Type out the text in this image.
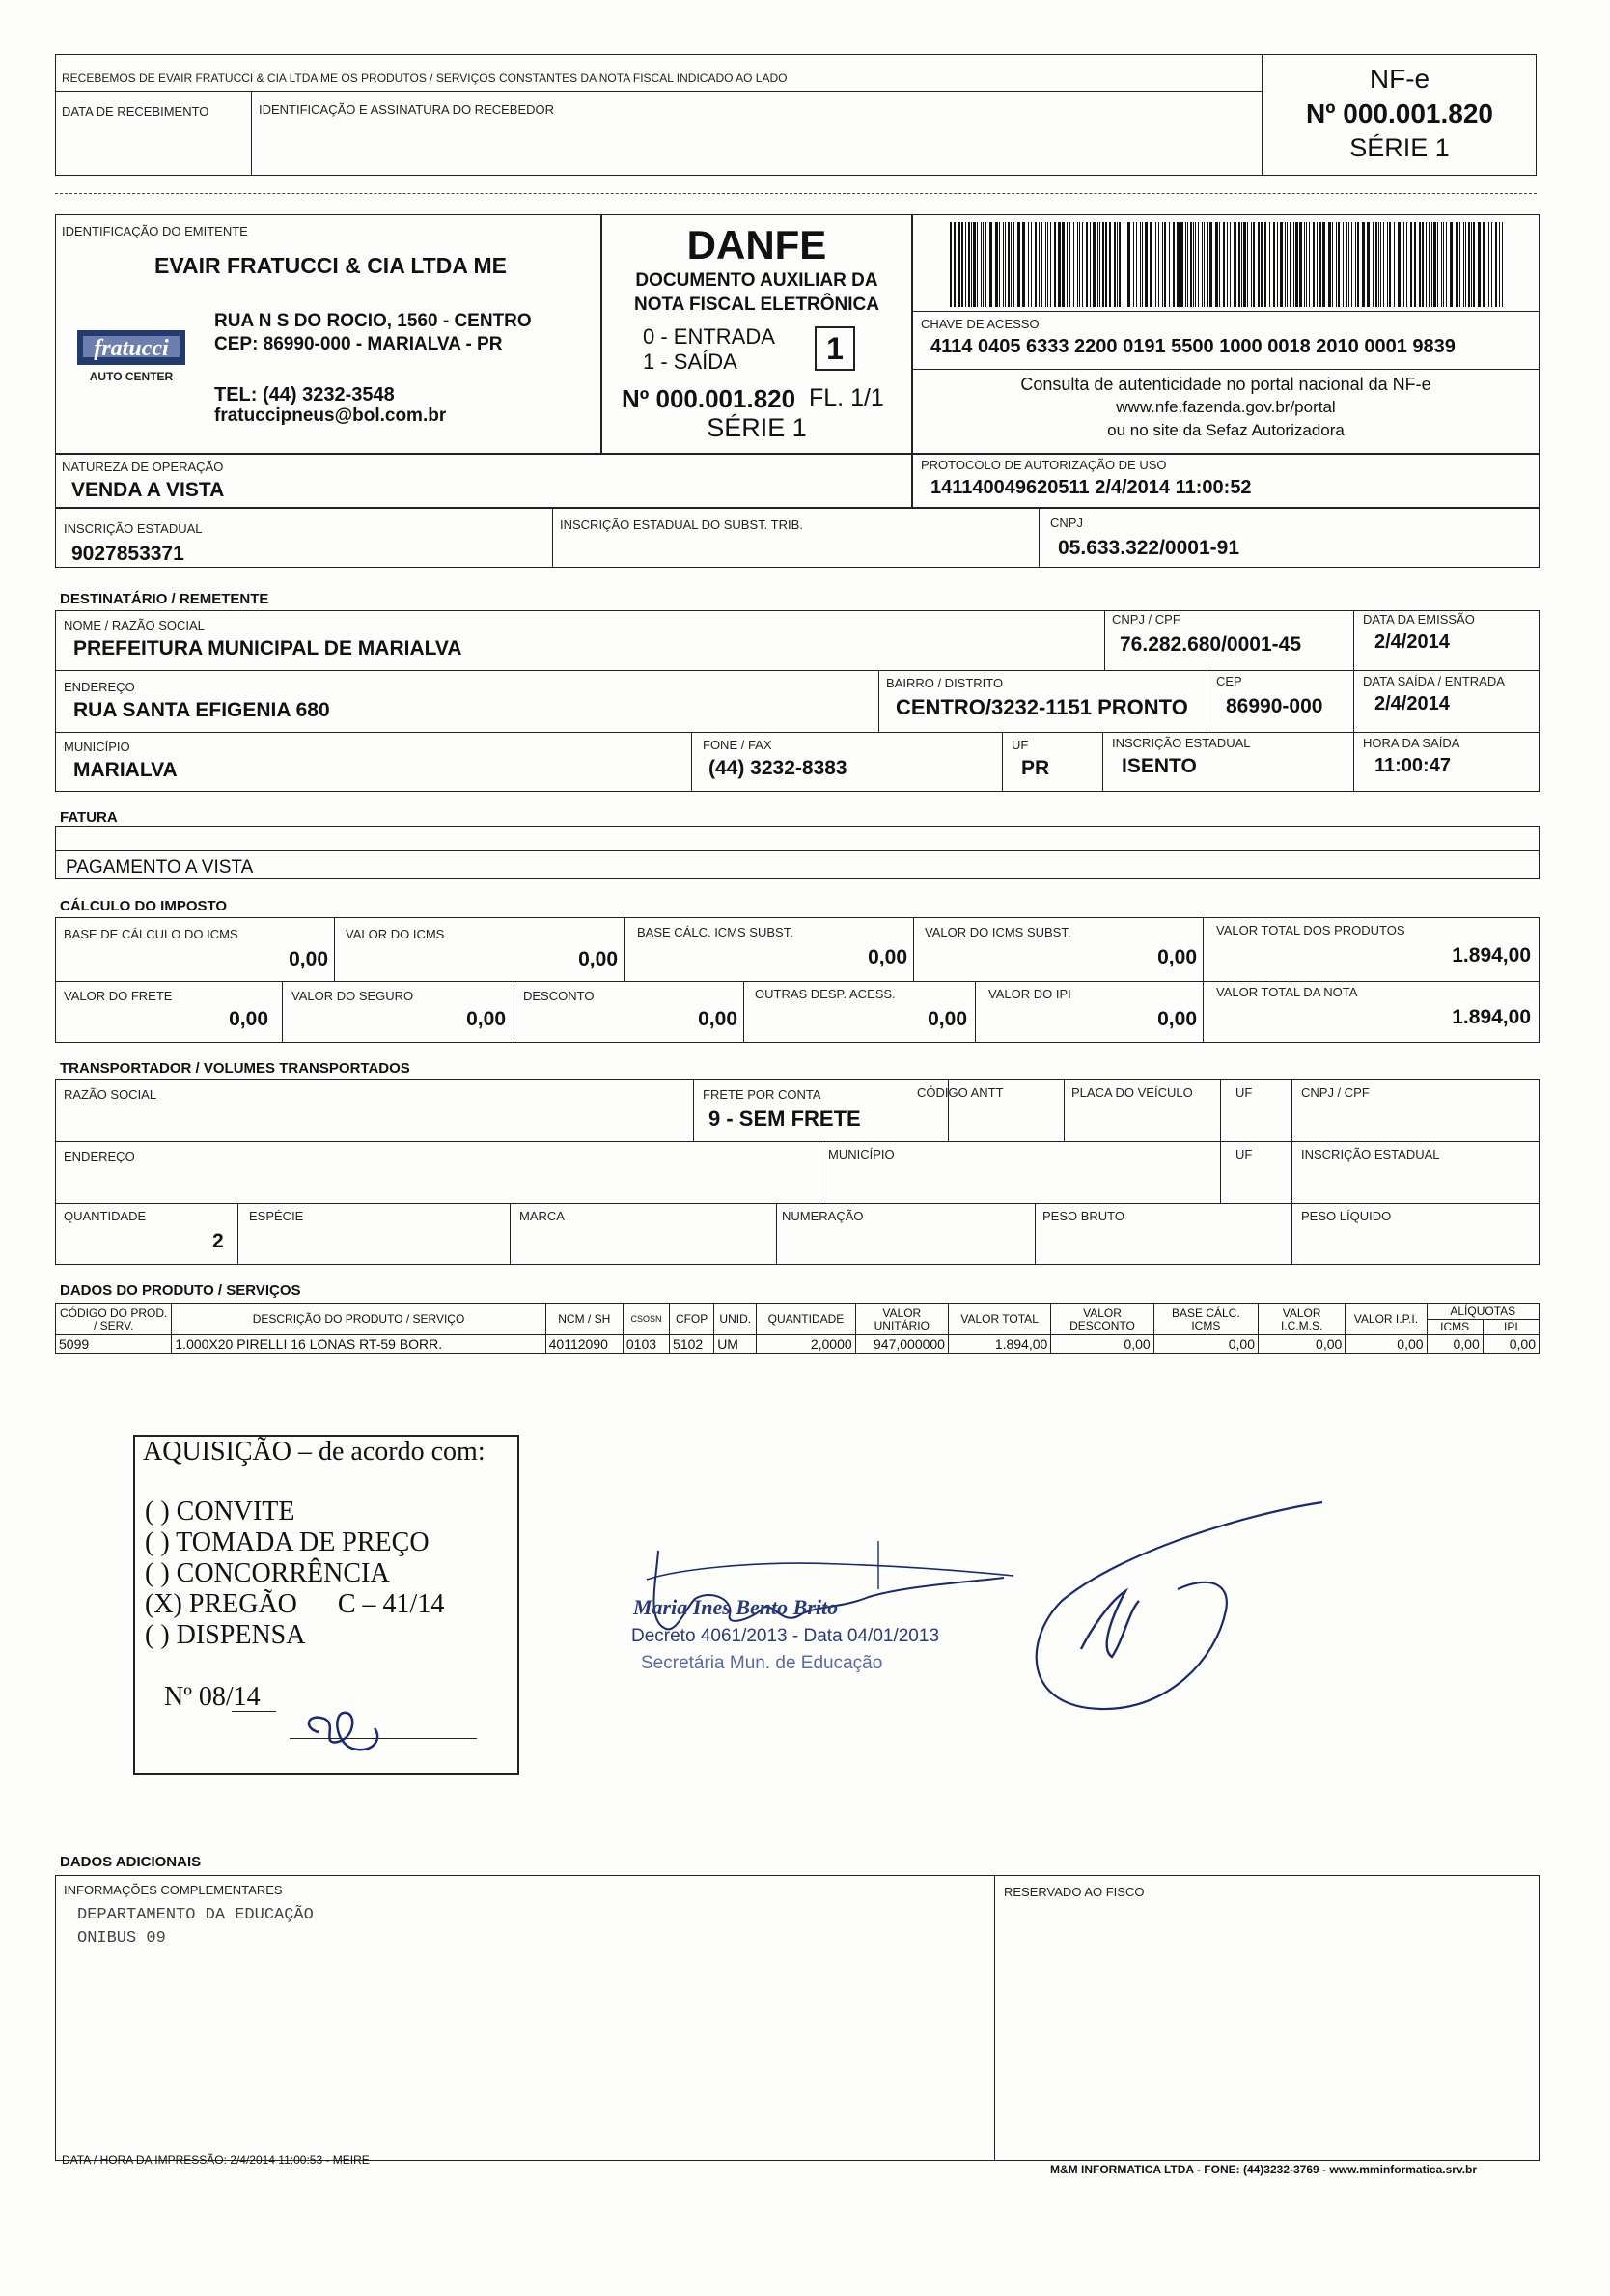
RECEBEMOS DE EVAIR FRATUCCI & CIA LTDA ME OS PRODUTOS / SERVIÇOS CONSTANTES DA NOTA FISCAL INDICADO AO LADO
DATA DE RECEBIMENTO	IDENTIFICAÇÃO E ASSINATURA DO RECEBEDOR
NF-e
Nº 000.001.820
SÉRIE 1
IDENTIFICAÇÃO DO EMITENTE
EVAIR FRATUCCI & CIA LTDA ME
fratucci
AUTO CENTER
RUA N S DO ROCIO, 1560 - CENTRO
CEP: 86990-000 - MARIALVA - PR
TEL: (44) 3232-3548
fratuccipneus@bol.com.br
DANFE
DOCUMENTO AUXILIAR DA
NOTA FISCAL ELETRÔNICA
0 - ENTRADA
1 - SAÍDA	1
Nº 000.001.820 FL. 1/1
SÉRIE 1
CHAVE DE ACESSO
4114 0405 6333 2200 0191 5500 1000 0018 2010 0001 9839
Consulta de autenticidade no portal nacional da NF-e
www.nfe.fazenda.gov.br/portal
ou no site da Sefaz Autorizadora
NATUREZA DE OPERAÇÃO
VENDA A VISTA
PROTOCOLO DE AUTORIZAÇÃO DE USO
141140049620511 2/4/2014 11:00:52
INSCRIÇÃO ESTADUAL
9027853371
INSCRIÇÃO ESTADUAL DO SUBST. TRIB.	CNPJ
05.633.322/0001-91
DESTINATÁRIO / REMETENTE
NOME / RAZÃO SOCIAL
PREFEITURA MUNICIPAL DE MARIALVA
CNPJ / CPF
76.282.680/0001-45
DATA DA EMISSÃO
2/4/2014
ENDEREÇO
RUA SANTA EFIGENIA 680
BAIRRO / DISTRITO
CENTRO/3232-1151 PRONTO
CEP
86990-000
DATA SAÍDA / ENTRADA
2/4/2014
MUNICÍPIO
MARIALVA
FONE / FAX
(44) 3232-8383
UF
PR
INSCRIÇÃO ESTADUAL
ISENTO
HORA DA SAÍDA
11:00:47
FATURA
PAGAMENTO A VISTA
CÁLCULO DO IMPOSTO
BASE DE CÁLCULO DO ICMS
0,00
VALOR DO ICMS
0,00
BASE CÁLC. ICMS SUBST.
0,00
VALOR DO ICMS SUBST.
0,00
VALOR TOTAL DOS PRODUTOS
1.894,00
VALOR DO FRETE
0,00
VALOR DO SEGURO
0,00
DESCONTO
0,00
OUTRAS DESP. ACESS.
0,00
VALOR DO IPI
0,00
VALOR TOTAL DA NOTA
1.894,00
TRANSPORTADOR / VOLUMES TRANSPORTADOS
RAZÃO SOCIAL	FRETE POR CONTA
9 - SEM FRETE
CÓDIGO ANTT	PLACA DO VEÍCULO	UF	CNPJ / CPF
ENDEREÇO	MUNICÍPIO	UF	INSCRIÇÃO ESTADUAL
QUANTIDADE
2
ESPÉCIE	MARCA	NUMERAÇÃO	PESO BRUTO	PESO LÍQUIDO
DADOS DO PRODUTO / SERVIÇOS
CÓDIGO DO PROD. / SERV.	DESCRIÇÃO DO PRODUTO / SERVIÇO	NCM / SH	CSOSN	CFOP	UNID.	QUANTIDADE	VALOR UNITÁRIO	VALOR TOTAL	VALOR DESCONTO	BASE CÁLC. ICMS	VALOR I.C.M.S.	VALOR I.P.I.	ALÍQUOTAS	
													ICMS	IPI
5099	1.000X20 PIRELLI 16 LONAS RT-59 BORR.	40112090	0103	5102	UM	2,0000	947,000000	1.894,00	0,00	0,00	0,00	0,00	0,00	0,00
AQUISIÇÃO – de acordo com:
( ) CONVITE
( ) TOMADA DE PREÇO
( ) CONCORRÊNCIA
(X) PREGÃO      C – 41/14
( ) DISPENSA
Nº 08/14
Maria Ines Bento Brito
Decreto 4061/2013 - Data 04/01/2013
Secretária Mun. de Educação
DADOS ADICIONAIS
INFORMAÇÕES COMPLEMENTARES
DEPARTAMENTO DA EDUCAÇÃO
ONIBUS 09
RESERVADO AO FISCO
DATA / HORA DA IMPRESSÃO: 2/4/2014 11:00:53 - MEIRE
M&M INFORMATICA LTDA - FONE: (44)3232-3769 - www.mminformatica.srv.br
